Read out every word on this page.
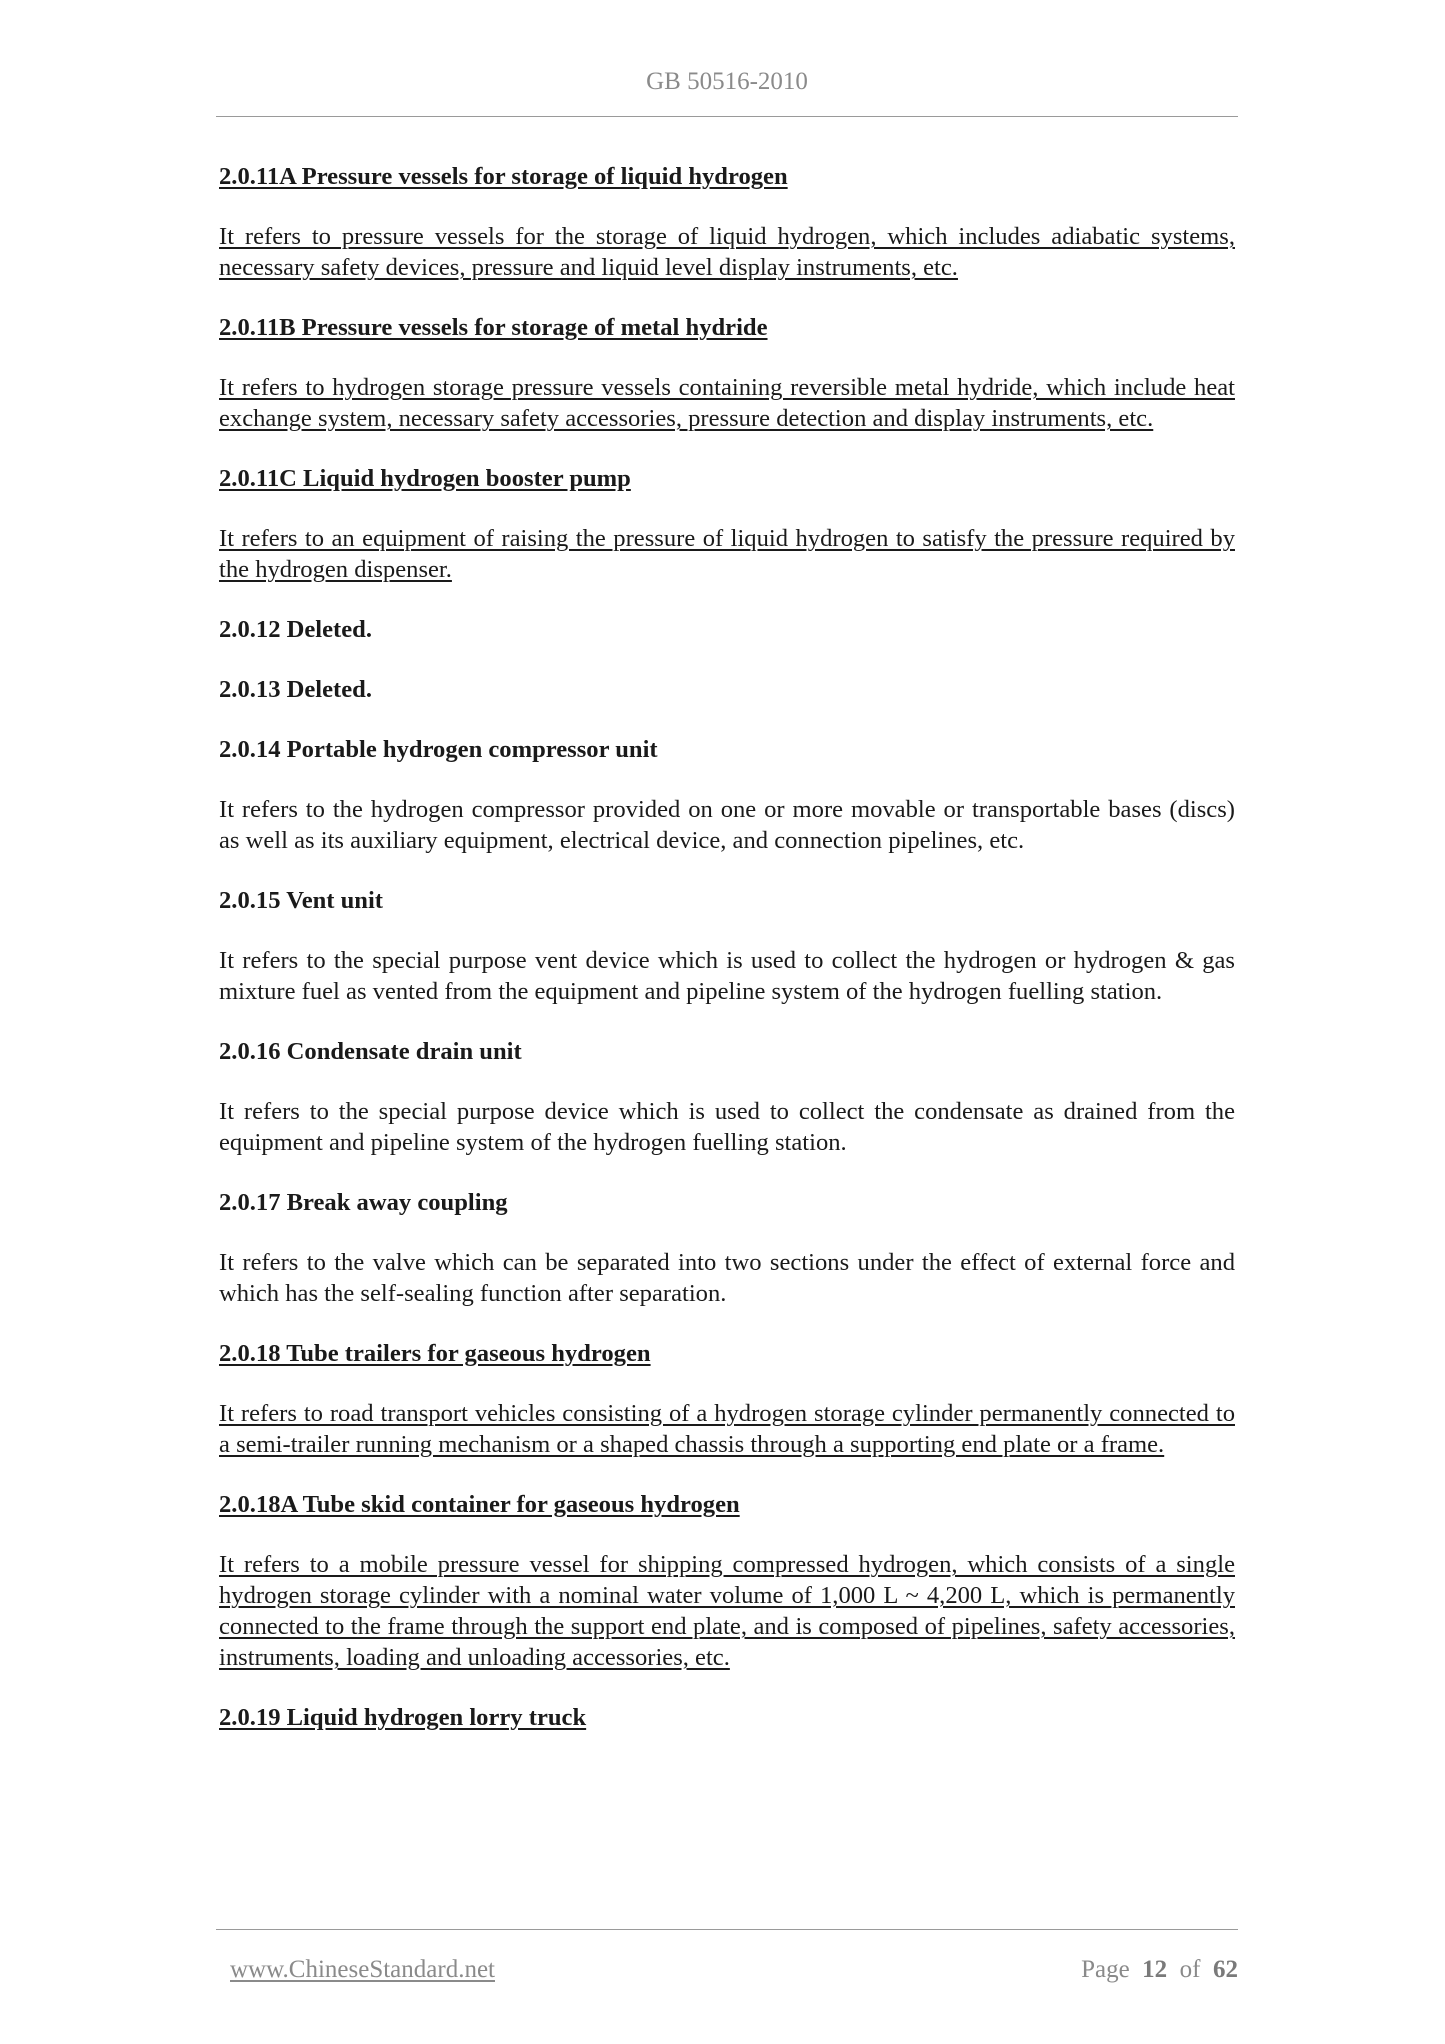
GB 50516-2010

2.0.11A Pressure vessels for storage of liquid hydrogen

It refers to pressure vessels for the storage of liquid hydrogen, which includes adiabatic systems, necessary safety devices, pressure and liquid level display instruments, etc.

2.0.11B Pressure vessels for storage of metal hydride

It refers to hydrogen storage pressure vessels containing reversible metal hydride, which include heat exchange system, necessary safety accessories, pressure detection and display instruments, etc.

2.0.11C Liquid hydrogen booster pump

It refers to an equipment of raising the pressure of liquid hydrogen to satisfy the pressure required by the hydrogen dispenser.

2.0.12 Deleted.

2.0.13 Deleted.

2.0.14 Portable hydrogen compressor unit

It refers to the hydrogen compressor provided on one or more movable or transportable bases (discs) as well as its auxiliary equipment, electrical device, and connection pipelines, etc.

2.0.15 Vent unit

It refers to the special purpose vent device which is used to collect the hydrogen or hydrogen & gas mixture fuel as vented from the equipment and pipeline system of the hydrogen fuelling station.

2.0.16 Condensate drain unit

It refers to the special purpose device which is used to collect the condensate as drained from the equipment and pipeline system of the hydrogen fuelling station.

2.0.17 Break away coupling

It refers to the valve which can be separated into two sections under the effect of external force and which has the self-sealing function after separation.

2.0.18 Tube trailers for gaseous hydrogen

It refers to road transport vehicles consisting of a hydrogen storage cylinder permanently connected to a semi-trailer running mechanism or a shaped chassis through a supporting end plate or a frame.

2.0.18A Tube skid container for gaseous hydrogen

It refers to a mobile pressure vessel for shipping compressed hydrogen, which consists of a single hydrogen storage cylinder with a nominal water volume of 1,000 L ~ 4,200 L, which is permanently connected to the frame through the support end plate, and is composed of pipelines, safety accessories, instruments, loading and unloading accessories, etc.

2.0.19 Liquid hydrogen lorry truck

www.ChineseStandard.net	Page 12 of 62
